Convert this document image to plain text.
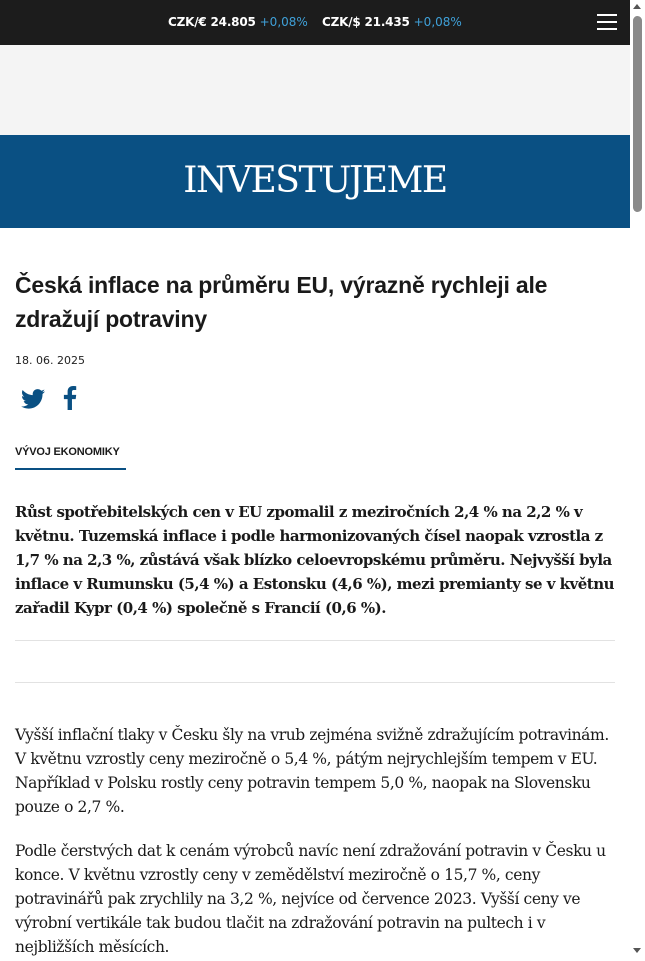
CZK/€ 24.805 +0,08% CZK/$ 21.435 +0,08%
INVESTUJEME
Česká inflace na průměru EU, výrazně rychleji ale zdražují potraviny
18. 06. 2025
VÝVOJ EKONOMIKY

Růst spotřebitelských cen v EU zpomalil z meziročních 2,4 % na 2,2 % v květnu. Tuzemská inflace i podle harmonizovaných čísel naopak vzrostla z 1,7 % na 2,3 %, zůstává však blízko celoevropskému průměru. Nejvyšší byla inflace v Rumunsku (5,4 %) a Estonsku (4,6 %), mezi premianty se v květnu zařadil Kypr (0,4 %) společně s Francií (0,6 %).

Vyšší inflační tlaky v Česku šly na vrub zejména svižně zdražujícím potravinám. V květnu vzrostly ceny meziročně o 5,4 %, pátým nejrychlejším tempem v EU. Například v Polsku rostly ceny potravin tempem 5,0 %, naopak na Slovensku pouze o 2,7 %.

Podle čerstvých dat k cenám výrobců navíc není zdražování potravin v Česku u konce. V květnu vzrostly ceny v zemědělství meziročně o 15,7 %, ceny potravinářů pak zrychlily na 3,2 %, nejvíce od července 2023. Vyšší ceny ve výrobní vertikále tak budou tlačit na zdražování potravin na pultech i v nejbližších měsících.
